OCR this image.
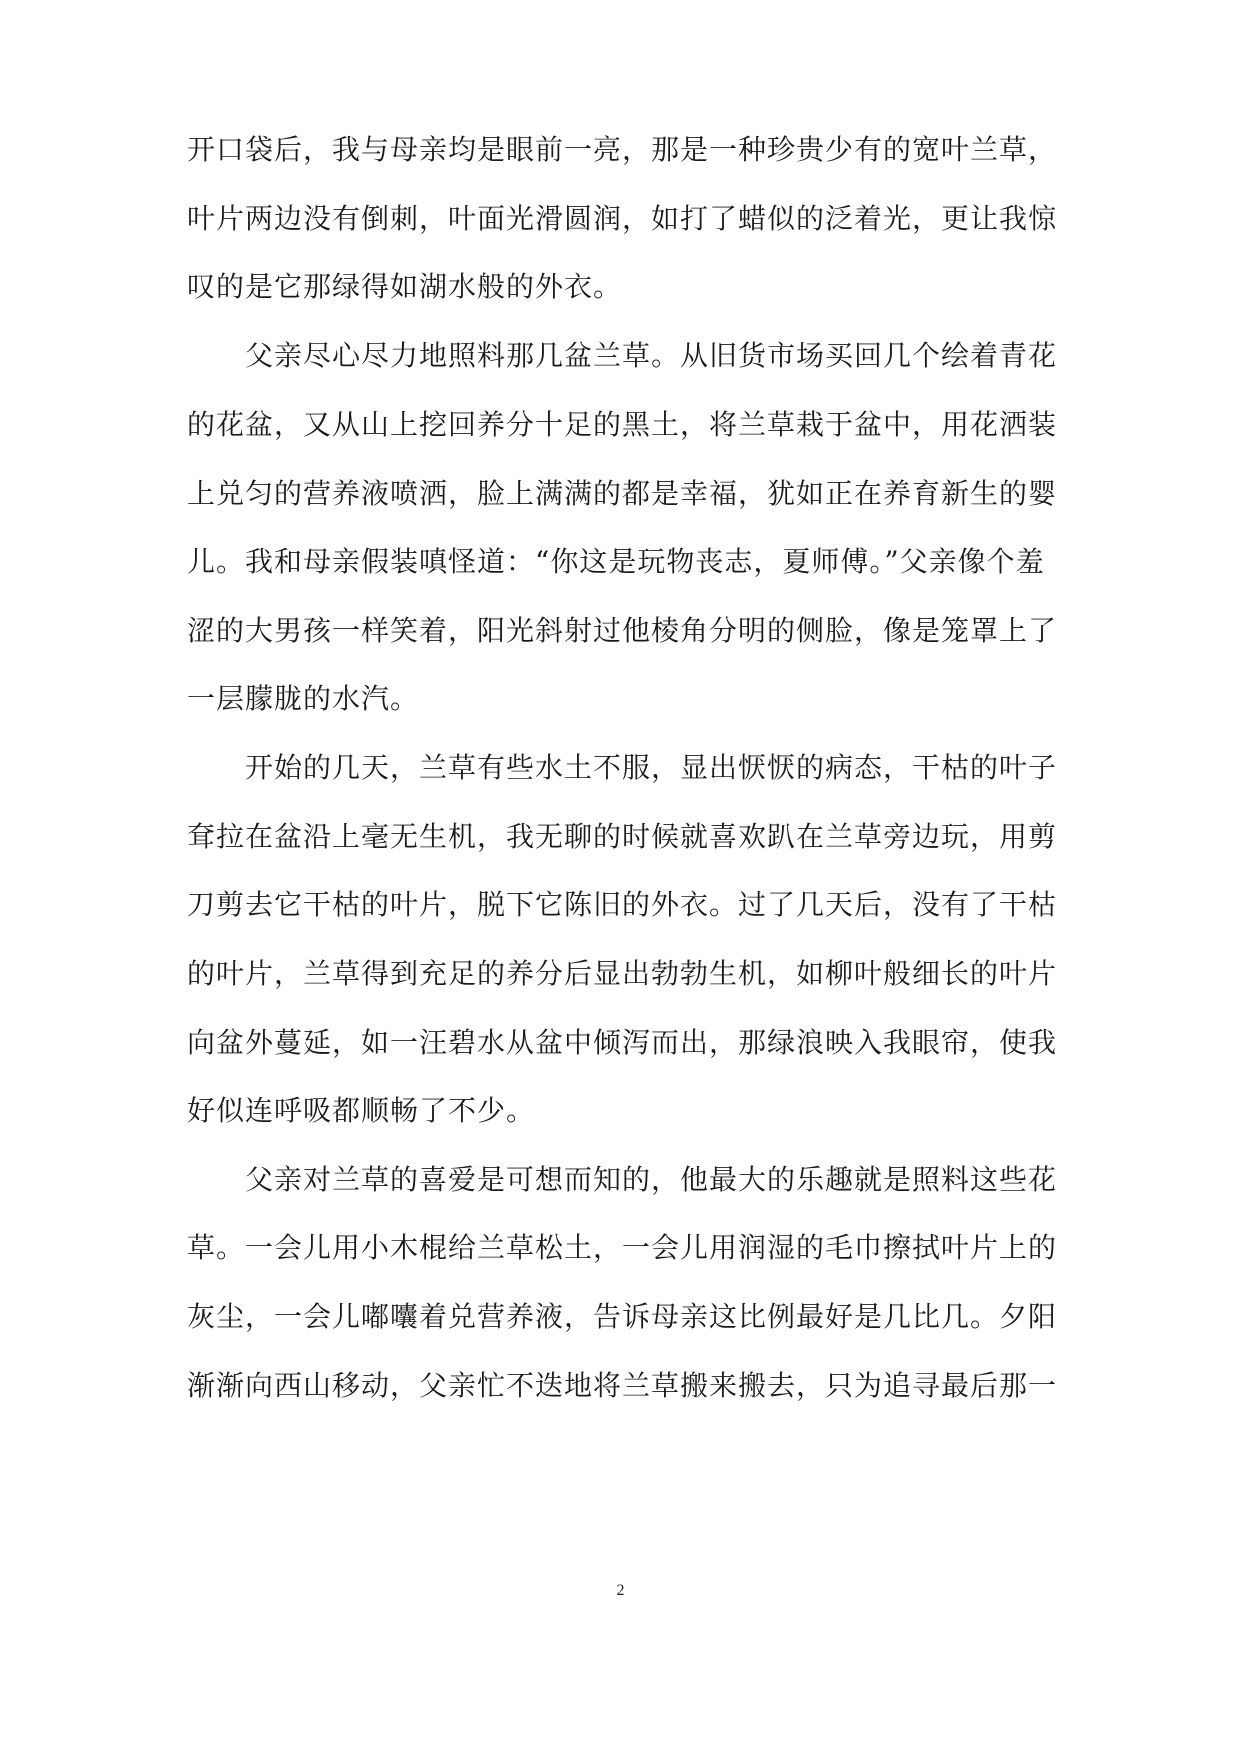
开口袋后，我与母亲均是眼前一亮，那是一种珍贵少有的宽叶兰草，
叶片两边没有倒刺，叶面光滑圆润，如打了蜡似的泛着光，更让我惊
叹的是它那绿得如湖水般的外衣。
父亲尽心尽力地照料那几盆兰草。从旧货市场买回几个绘着青花
的花盆，又从山上挖回养分十足的黑土，将兰草栽于盆中，用花洒装
上兑匀的营养液喷洒，脸上满满的都是幸福，犹如正在养育新生的婴
儿。我和母亲假装嗔怪道：“你这是玩物丧志，夏师傅。”父亲像个羞
涩的大男孩一样笑着，阳光斜射过他棱角分明的侧脸，像是笼罩上了
一层朦胧的水汽。
开始的几天，兰草有些水土不服，显出恹恹的病态，干枯的叶子
耷拉在盆沿上毫无生机，我无聊的时候就喜欢趴在兰草旁边玩，用剪
刀剪去它干枯的叶片，脱下它陈旧的外衣。过了几天后，没有了干枯
的叶片，兰草得到充足的养分后显出勃勃生机，如柳叶般细长的叶片
向盆外蔓延，如一汪碧水从盆中倾泻而出，那绿浪映入我眼帘，使我
好似连呼吸都顺畅了不少。
父亲对兰草的喜爱是可想而知的，他最大的乐趣就是照料这些花
草。一会儿用小木棍给兰草松土，一会儿用润湿的毛巾擦拭叶片上的
灰尘，一会儿嘟囔着兑营养液，告诉母亲这比例最好是几比几。夕阳
渐渐向西山移动，父亲忙不迭地将兰草搬来搬去，只为追寻最后那一
2
